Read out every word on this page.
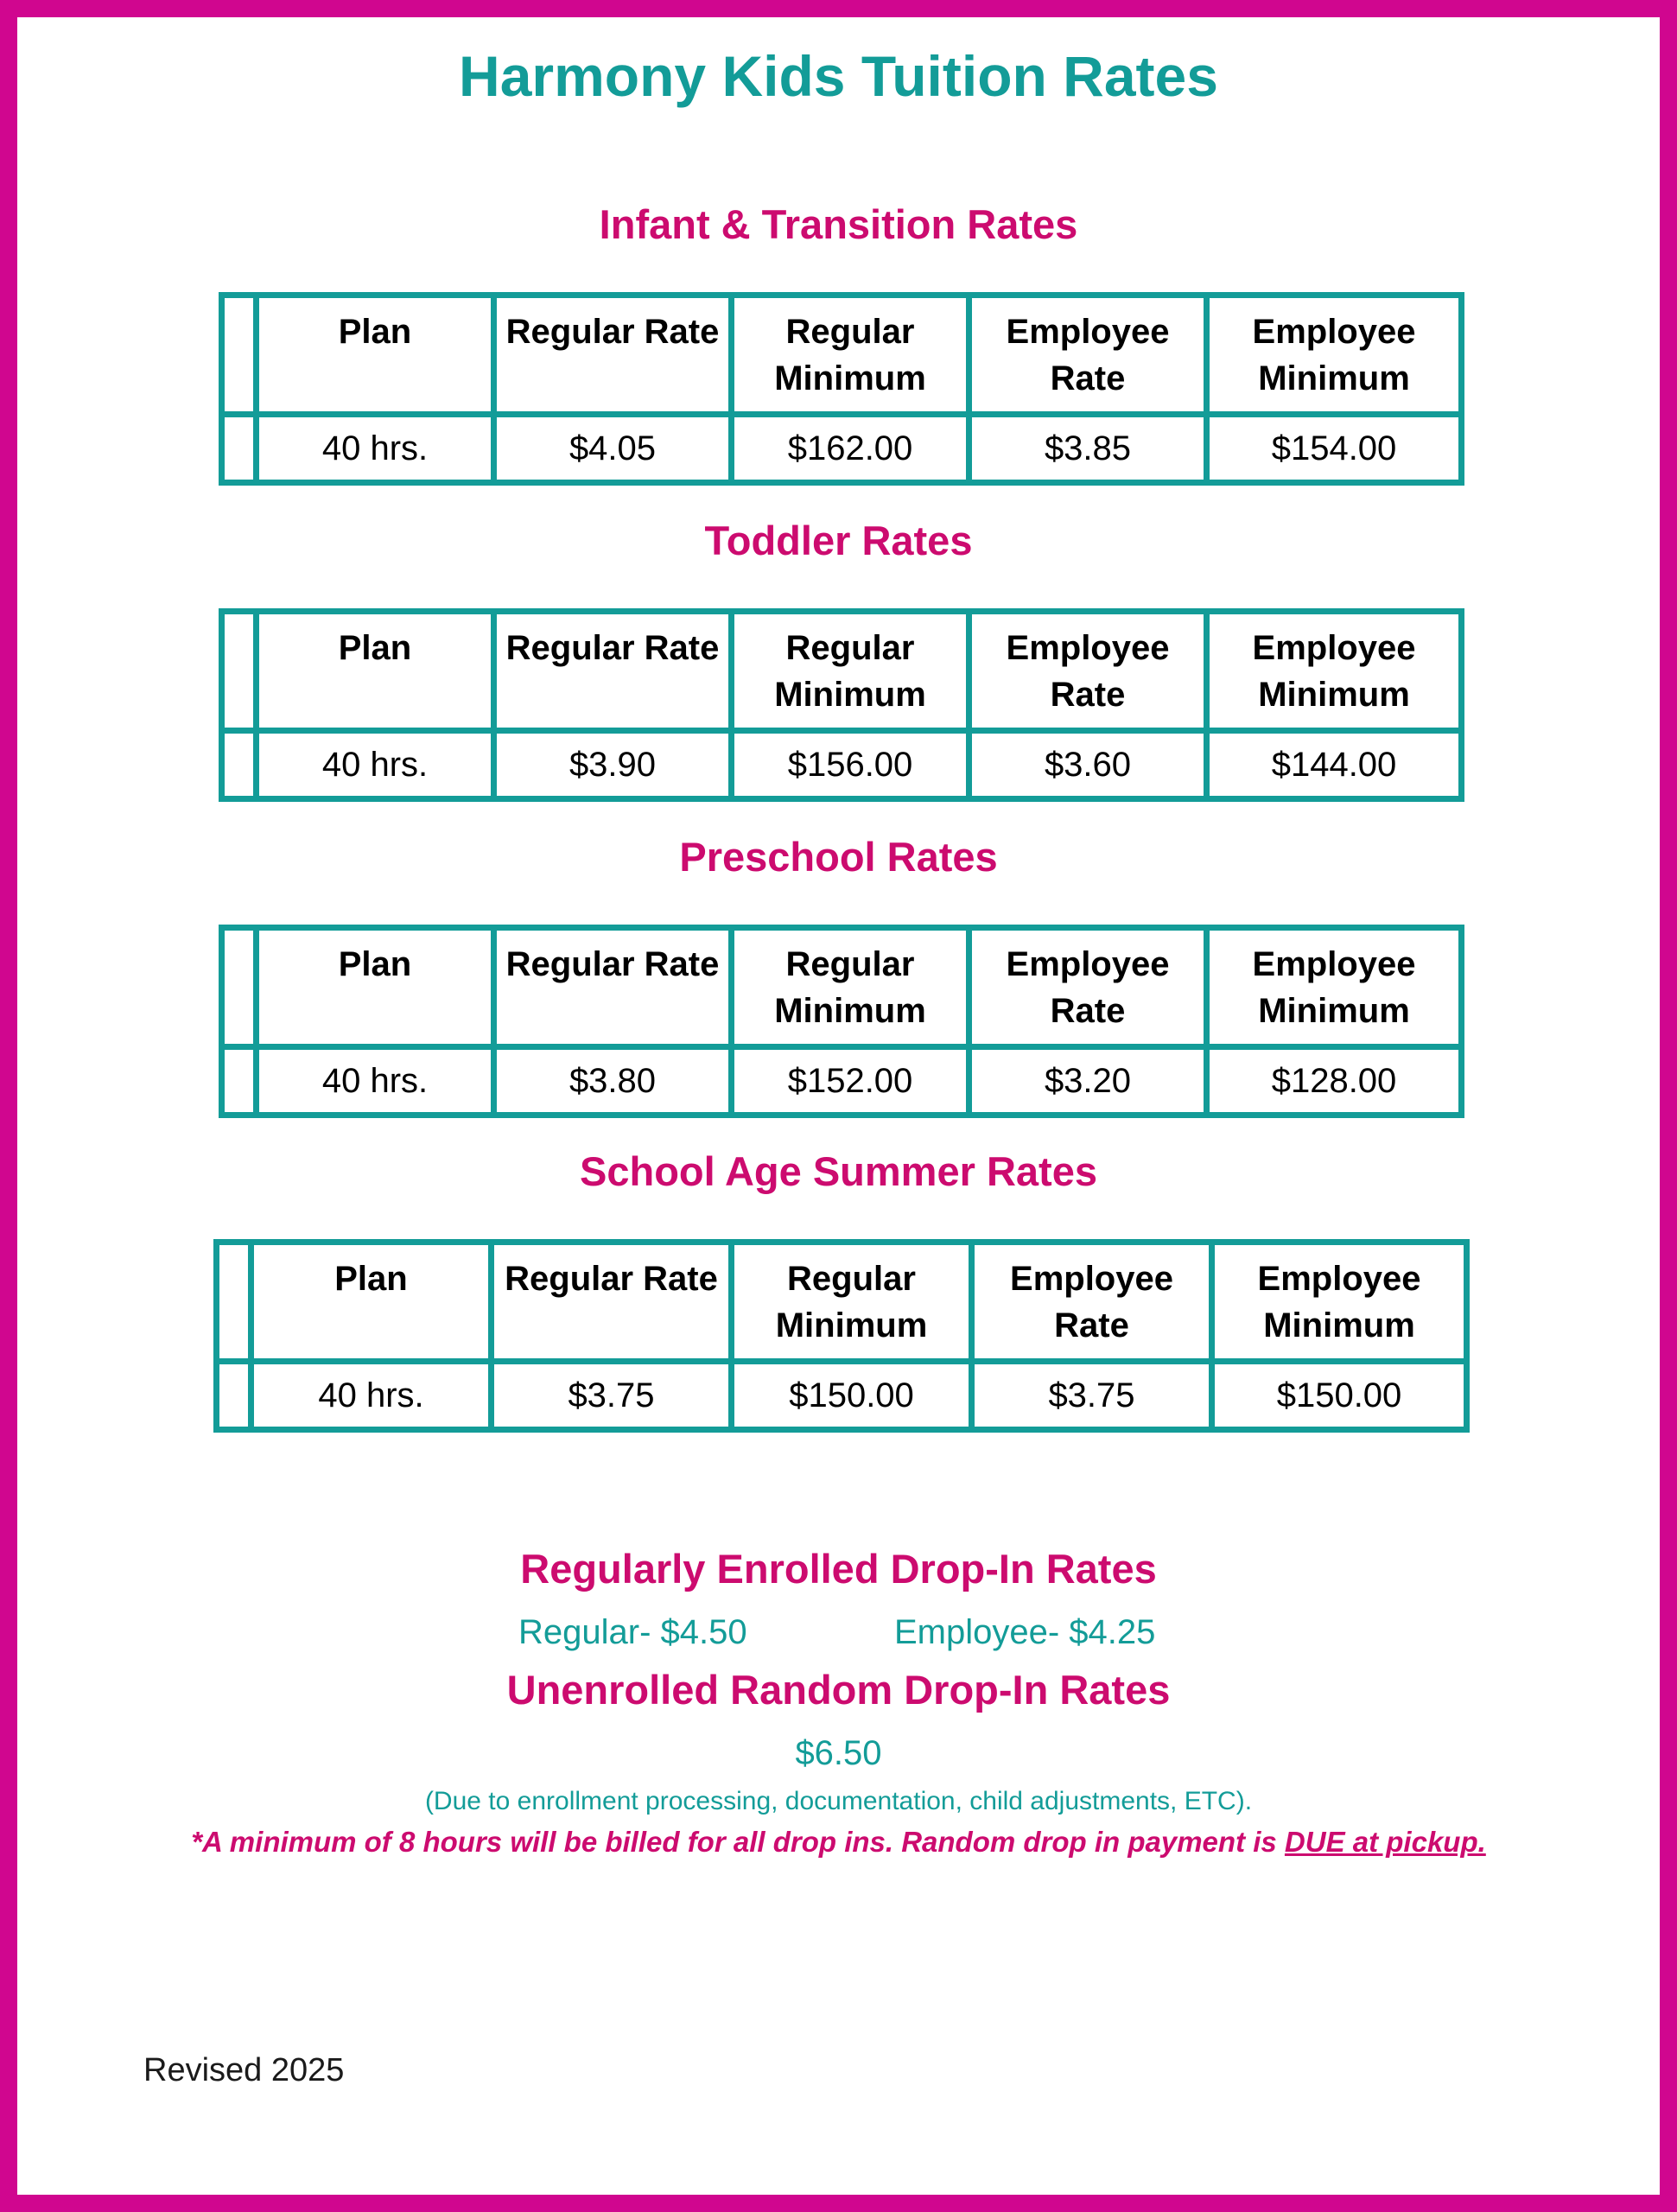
Harmony Kids Tuition Rates
Infant & Transition Rates
	Plan	Regular Rate	Regular Minimum	Employee Rate	Employee Minimum
	40 hrs.	$4.05	$162.00	$3.85	$154.00
Toddler Rates
	Plan	Regular Rate	Regular Minimum	Employee Rate	Employee Minimum
	40 hrs.	$3.90	$156.00	$3.60	$144.00
Preschool Rates
	Plan	Regular Rate	Regular Minimum	Employee Rate	Employee Minimum
	40 hrs.	$3.80	$152.00	$3.20	$128.00
School Age Summer Rates
	Plan	Regular Rate	Regular Minimum	Employee Rate	Employee Minimum
	40 hrs.	$3.75	$150.00	$3.75	$150.00
Regularly Enrolled Drop-In Rates
Regular- $4.50	Employee- $4.25
Unenrolled Random Drop-In Rates
$6.50
(Due to enrollment processing, documentation, child adjustments, ETC).
*A minimum of 8 hours will be billed for all drop ins. Random drop in payment is DUE at pickup.
Revised 2025
